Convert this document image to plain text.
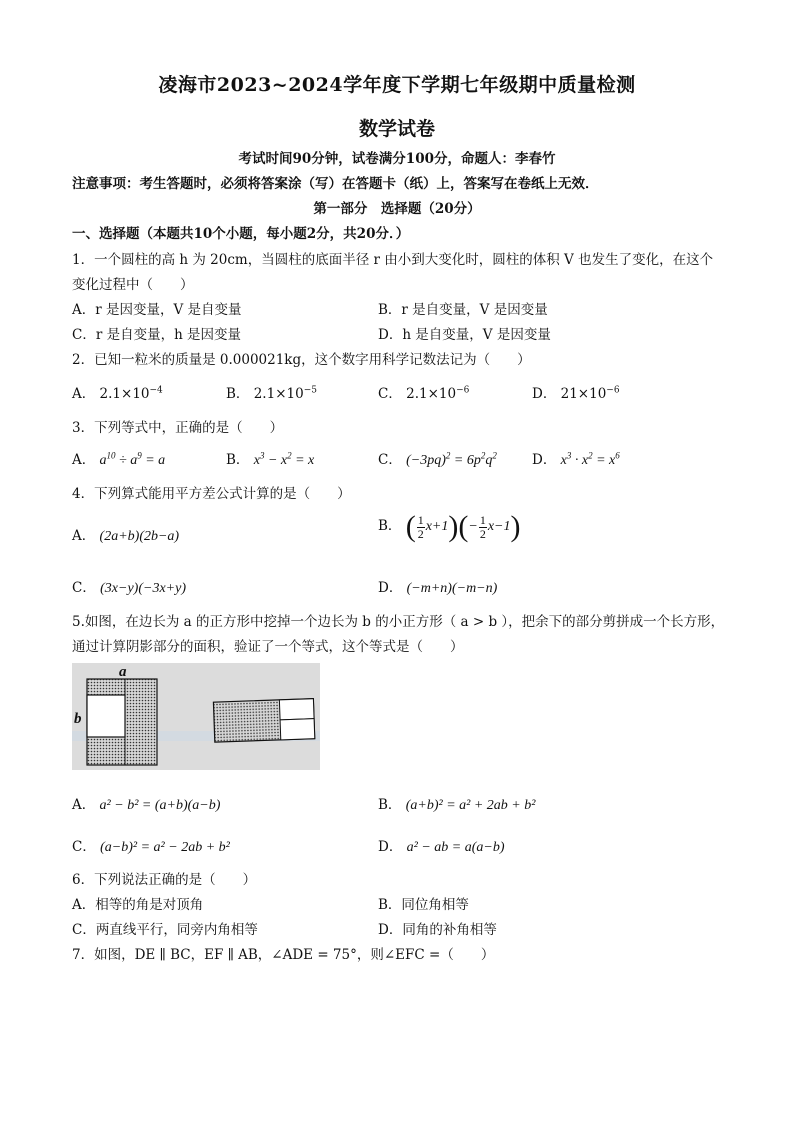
凌海市2023~2024学年度下学期七年级期中质量检测
数学试卷
考试时间90分钟，试卷满分100分，命题人：李春竹
注意事项：考生答题时，必须将答案涂（写）在答题卡（纸）上，答案写在卷纸上无效．
第一部分　选择题（20分）
一、选择题（本题共10个小题，每小题2分，共20分．）
1．一个圆柱的高 h 为 20cm，当圆柱的底面半径 r 由小到大变化时，圆柱的体积 V 也发生了变化，在这个
变化过程中（　　）
A．r 是因变量，V 是自变量	B．r 是自变量，V 是因变量
C．r 是自变量，h 是因变量	D．h 是自变量，V 是因变量
2．已知一粒米的质量是 0.000021kg，这个数字用科学记数法记为（　　）
A． $2.1\times 10^{-4}$	B． $2.1\times 10^{-5}$	C． $2.1\times 10^{-6}$	D． $21\times 10^{-6}$
3．下列等式中，正确的是（　　）
A． $a^{10} \div a^9 = a$	B． $x^3 - x^2 = x$	C． $(-3pq)^2 = 6p^2q^2$	D． $x^3 \cdot x^2 = x^6$
4．下列算式能用平方差公式计算的是（　　）
A． (2a+b)(2b−a)
B． ( $\frac{1}{2} x+1)(- \frac{1}{2} x-1)$
C． (3x−y)(−3x+y)	D． (−m+n)(−m−n)
5.如图，在边长为 a 的正方形中挖掉一个边长为 b 的小正方形（ a > b ），把余下的部分剪拼成一个长方形，
通过计算阴影部分的面积，验证了一个等式，这个等式是（　　）
a
b
A． a² − b² = (a+b)(a−b)	B． (a+b)² = a² + 2ab + b²
C． (a−b)² = a² − 2ab + b²	D． a² − ab = a(a−b)
6．下列说法正确的是（　　）
A．相等的角是对顶角	B．同位角相等
C．两直线平行，同旁内角相等	D．同角的补角相等
7．如图，DE ∥ BC，EF ∥ AB，∠ADE = 75°，则∠EFC =（　　）
